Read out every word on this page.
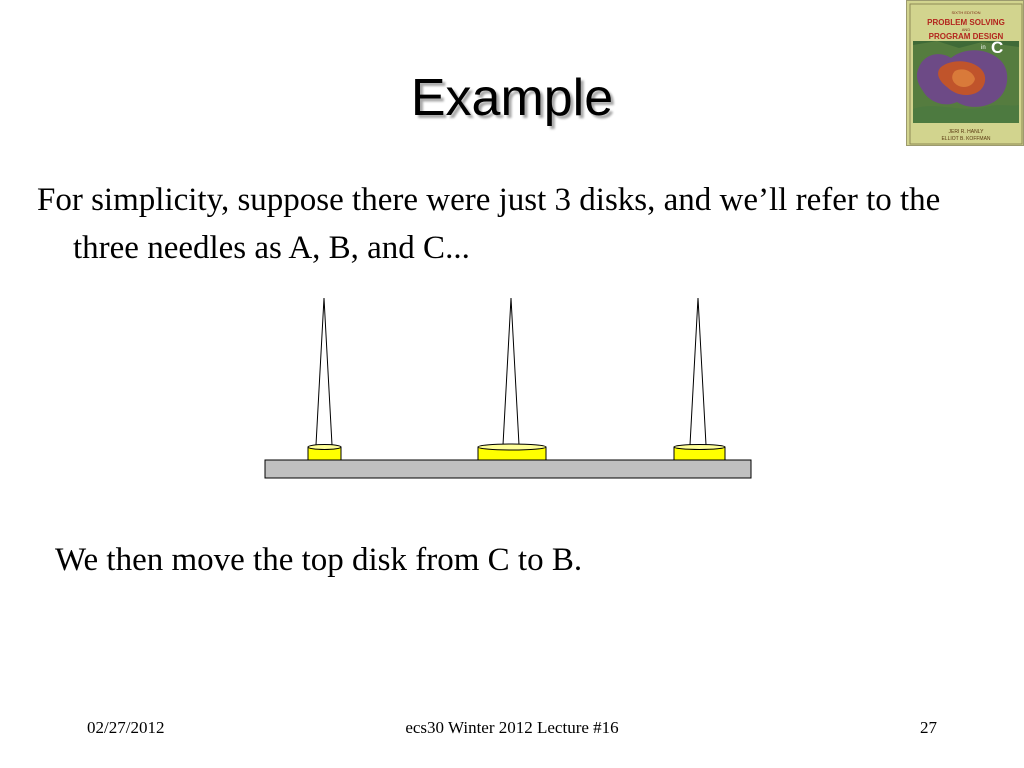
SIXTH EDITION
PROBLEM SOLVING
AND
PROGRAM DESIGN
in C
JERI R. HANLY
ELLIOT B. KOFFMAN
Example
For simplicity, suppose there were just 3 disks, and we’ll refer to the three needles as A, B, and C...
We then move the top disk from C to B.
02/27/2012	ecs30 Winter 2012 Lecture #16	27
